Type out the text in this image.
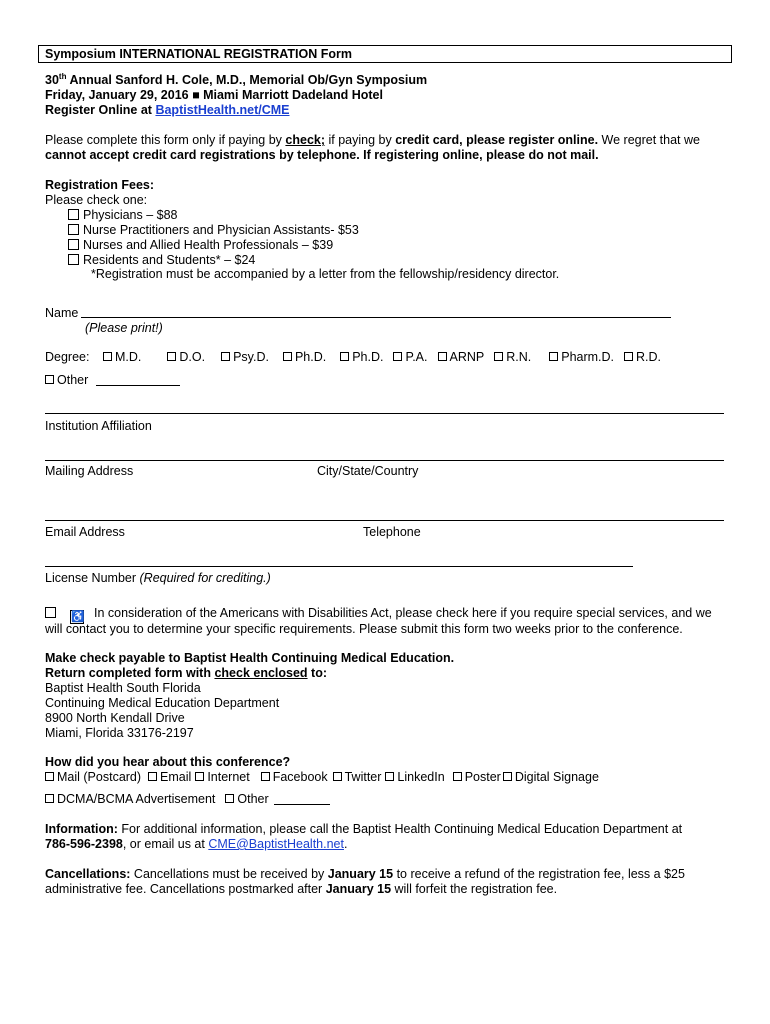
Symposium INTERNATIONAL REGISTRATION Form
30th Annual Sanford H. Cole, M.D., Memorial Ob/Gyn Symposium
Friday, January 29, 2016 ■ Miami Marriott Dadeland Hotel
Register Online at BaptistHealth.net/CME
Please complete this form only if paying by check; if paying by credit card, please register online. We regret that we
cannot accept credit card registrations by telephone. If registering online, please do not mail.
Registration Fees:
Please check one:
Physicians – $88
Nurse Practitioners and Physician Assistants- $53
Nurses and Allied Health Professionals – $39
Residents and Students* – $24
*Registration must be accompanied by a letter from the fellowship/residency director.
Name
(Please print!)
Degree: M.D.	D.O. Psy.D. Ph.D. Ph.D. P.A. ARNP R.N. Pharm.D. R.D.
Other
Institution Affiliation
Mailing Address	City/State/Country
Email Address	Telephone
License Number (Required for crediting.)
♿ In consideration of the Americans with Disabilities Act, please check here if you require special services, and we
will contact you to determine your specific requirements. Please submit this form two weeks prior to the conference.
Make check payable to Baptist Health Continuing Medical Education.
Return completed form with check enclosed to:
Baptist Health South Florida
Continuing Medical Education Department
8900 North Kendall Drive
Miami, Florida 33176-2197
How did you hear about this conference?
Mail (Postcard) Email Internet Facebook Twitter LinkedIn Poster Digital Signage
DCMA/BCMA Advertisement Other
Information: For additional information, please call the Baptist Health Continuing Medical Education Department at
786-596-2398, or email us at CME@BaptistHealth.net.
Cancellations: Cancellations must be received by January 15 to receive a refund of the registration fee, less a $25
administrative fee. Cancellations postmarked after January 15 will forfeit the registration fee.
